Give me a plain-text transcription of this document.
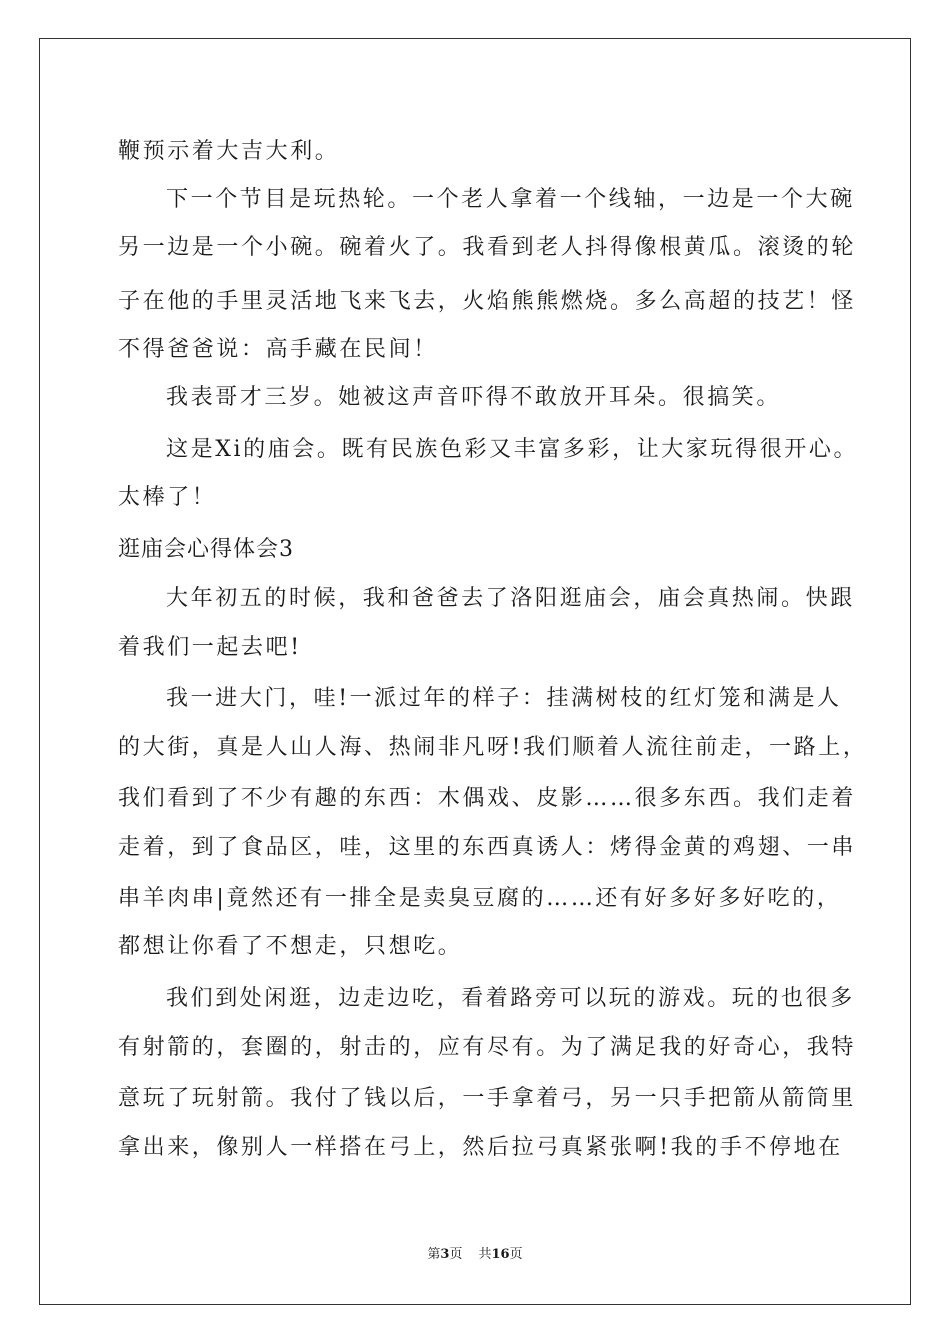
鞭预示着大吉大利。
下一个节目是玩热轮。一个老人拿着一个线轴，一边是一个大碗
另一边是一个小碗。碗着火了。我看到老人抖得像根黄瓜。滚烫的轮
子在他的手里灵活地飞来飞去，火焰熊熊燃烧。多么高超的技艺！怪
不得爸爸说：高手藏在民间！
我表哥才三岁。她被这声音吓得不敢放开耳朵。很搞笑。
这是Xi的庙会。既有民族色彩又丰富多彩，让大家玩得很开心。
太棒了！
逛庙会心得体会3
大年初五的时候，我和爸爸去了洛阳逛庙会，庙会真热闹。快跟
着我们一起去吧!
我一进大门，哇!一派过年的样子：挂满树枝的红灯笼和满是人
的大街，真是人山人海、热闹非凡呀!我们顺着人流往前走，一路上，
我们看到了不少有趣的东西：木偶戏、皮影……很多东西。我们走着
走着，到了食品区，哇，这里的东西真诱人：烤得金黄的鸡翅、一串
串羊肉串|竟然还有一排全是卖臭豆腐的……还有好多好多好吃的，
都想让你看了不想走，只想吃。
我们到处闲逛，边走边吃，看着路旁可以玩的游戏。玩的也很多
有射箭的，套圈的，射击的，应有尽有。为了满足我的好奇心，我特
意玩了玩射箭。我付了钱以后，一手拿着弓，另一只手把箭从箭筒里
拿出来，像别人一样搭在弓上，然后拉弓真紧张啊!我的手不停地在
第3页 共16页
